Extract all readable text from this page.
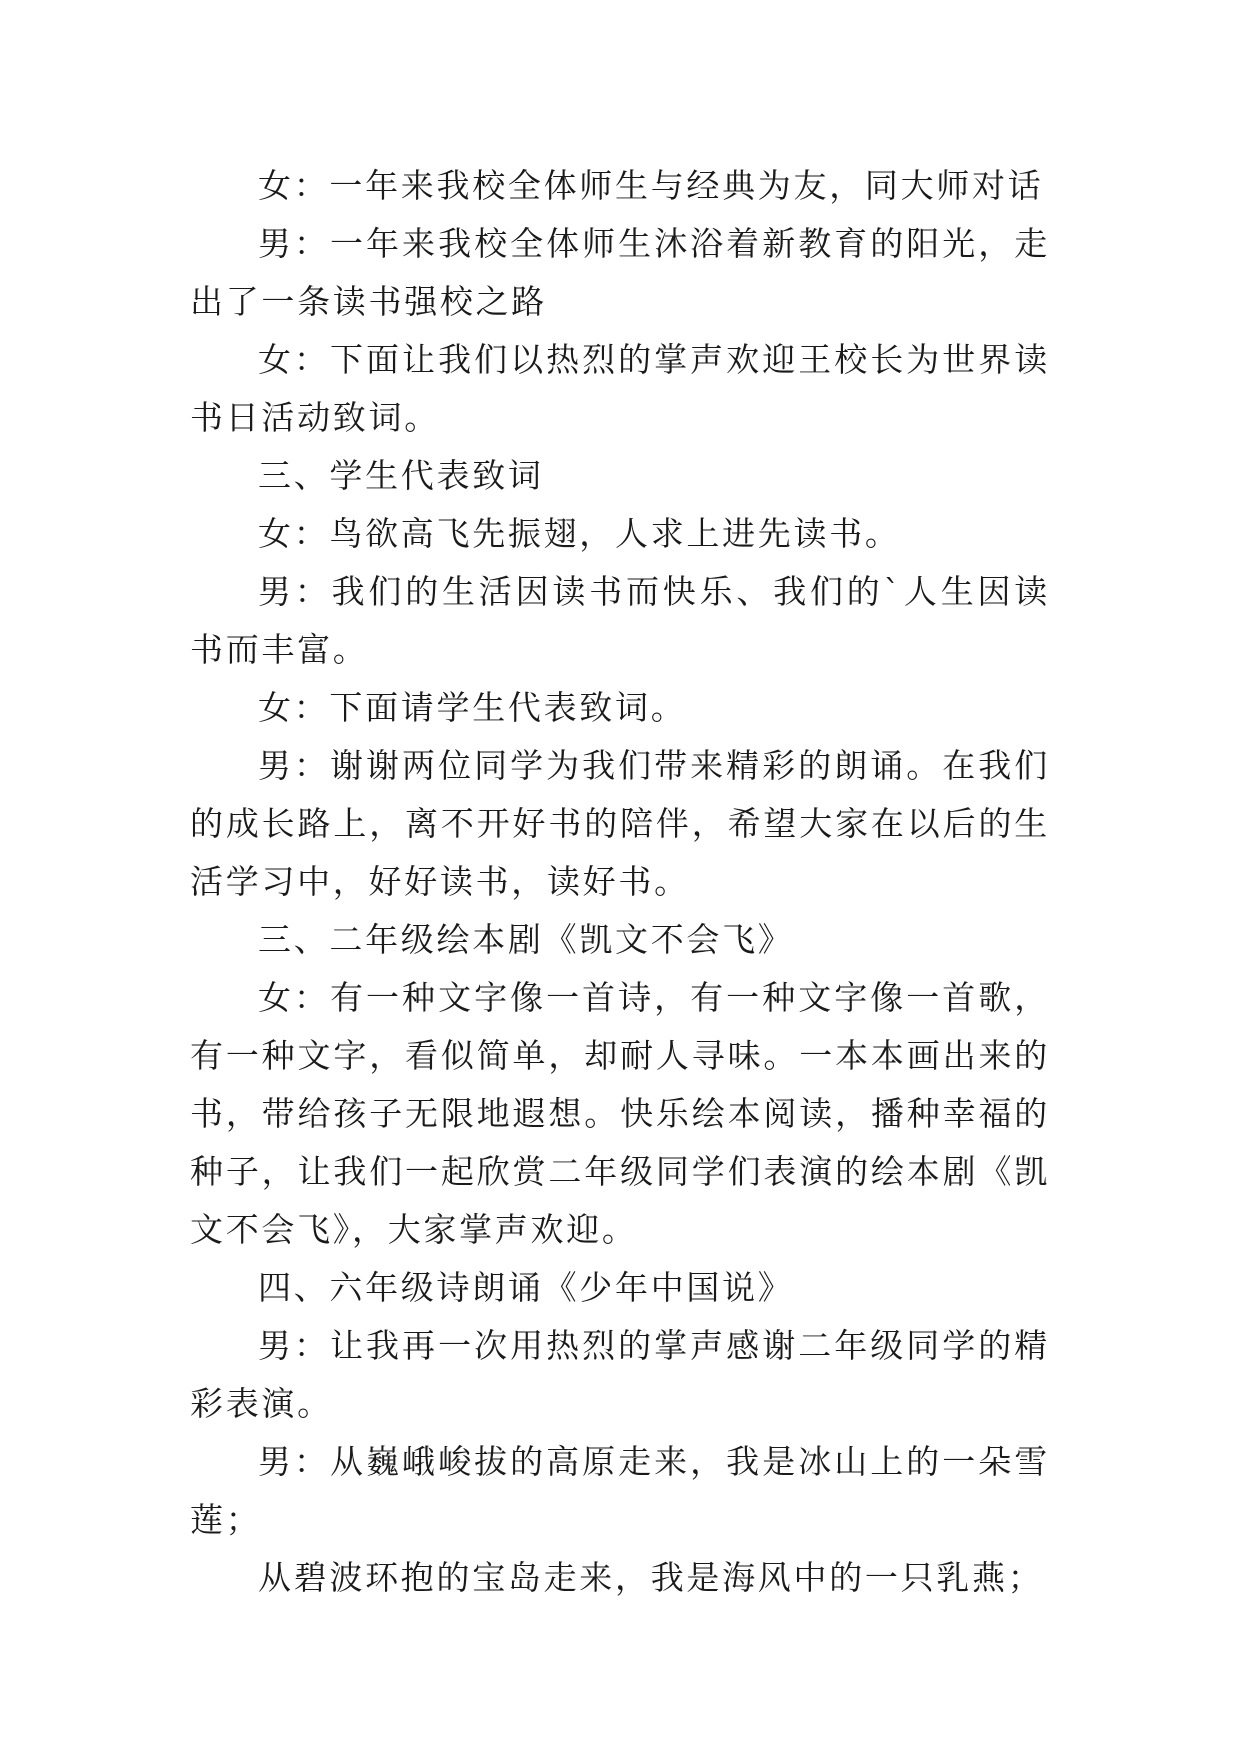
女：一年来我校全体师生与经典为友，同大师对话

男：一年来我校全体师生沐浴着新教育的阳光，走出了一条读书强校之路

女：下面让我们以热烈的掌声欢迎王校长为世界读书日活动致词。

三、学生代表致词

女：鸟欲高飞先振翅，人求上进先读书。

男：我们的生活因读书而快乐、我们的`人生因读书而丰富。

女：下面请学生代表致词。

男：谢谢两位同学为我们带来精彩的朗诵。在我们的成长路上，离不开好书的陪伴，希望大家在以后的生活学习中，好好读书，读好书。

三、二年级绘本剧《凯文不会飞》

女：有一种文字像一首诗，有一种文字像一首歌，有一种文字，看似简单，却耐人寻味。一本本画出来的书，带给孩子无限地遐想。快乐绘本阅读，播种幸福的种子，让我们一起欣赏二年级同学们表演的绘本剧《凯文不会飞》，大家掌声欢迎。

四、六年级诗朗诵《少年中国说》

男：让我再一次用热烈的掌声感谢二年级同学的精彩表演。

男：从巍峨峻拔的高原走来，我是冰山上的一朵雪莲；

从碧波环抱的宝岛走来，我是海风中的一只乳燕；
